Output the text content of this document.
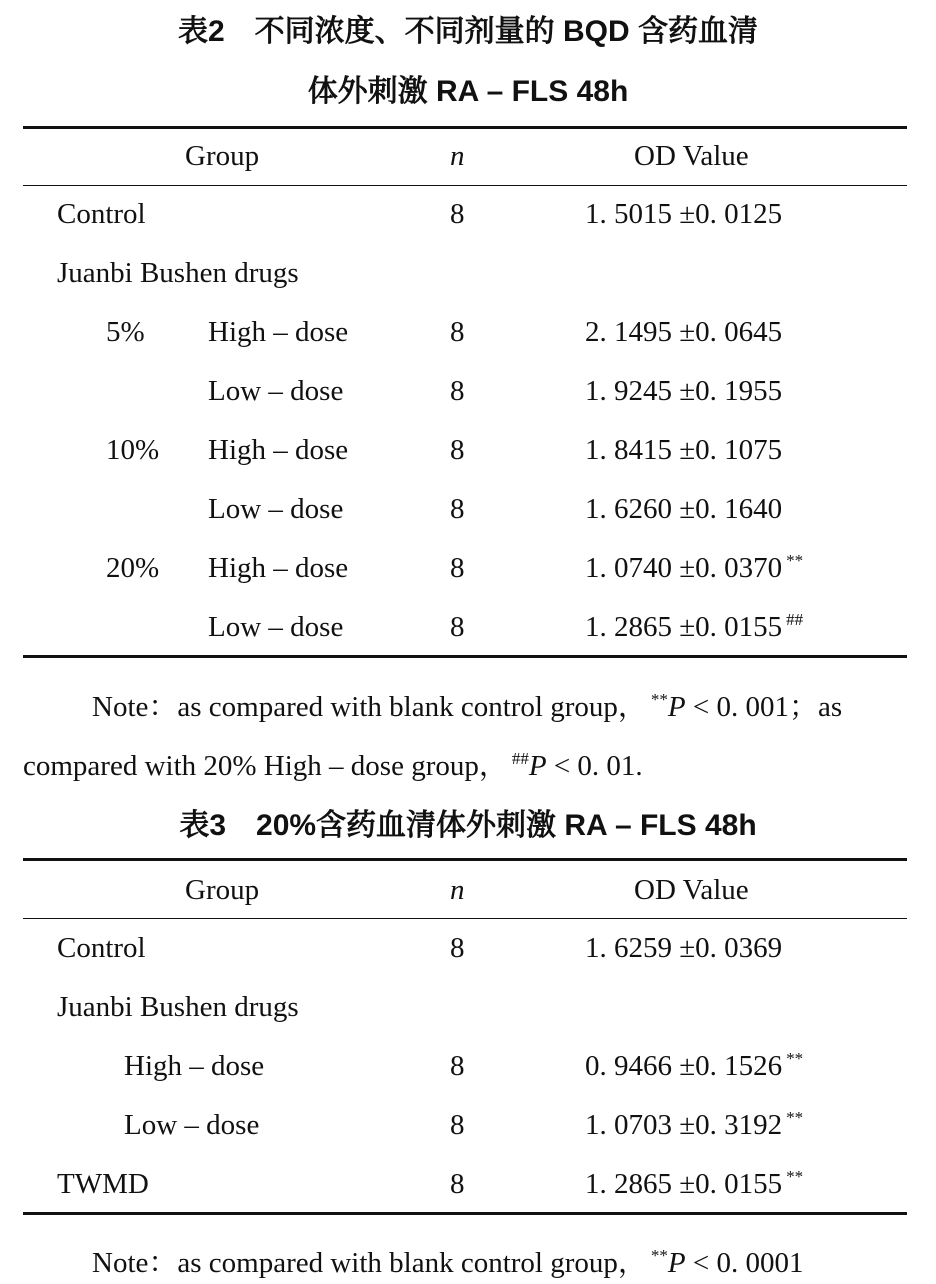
表2　不同浓度、不同剂量的 BQD 含药血清
体外刺激 RA – FLS 48h
Group	n	OD Value
Control	8	1. 5015 ±0. 0125
Juanbi Bushen drugs
5% High – dose	8	2. 1495 ±0. 0645
Low – dose	8	1. 9245 ±0. 1955
10% High – dose	8	1. 8415 ±0. 1075
Low – dose	8	1. 6260 ±0. 1640
20% High – dose	8	1. 0740 ±0. 0370 **
Low – dose	8	1. 2865 ±0. 0155 ##
Note：as compared with blank control group， **P < 0. 001；as
compared with 20% High – dose group， ##P < 0. 01.
表3　20%含药血清体外刺激 RA – FLS 48h
Group	n	OD Value
Control	8	1. 6259 ±0. 0369
Juanbi Bushen drugs
High – dose	8	0. 9466 ±0. 1526 **
Low – dose	8	1. 0703 ±0. 3192 **
TWMD	8	1. 2865 ±0. 0155 **
Note：as compared with blank control group， **P < 0. 0001
